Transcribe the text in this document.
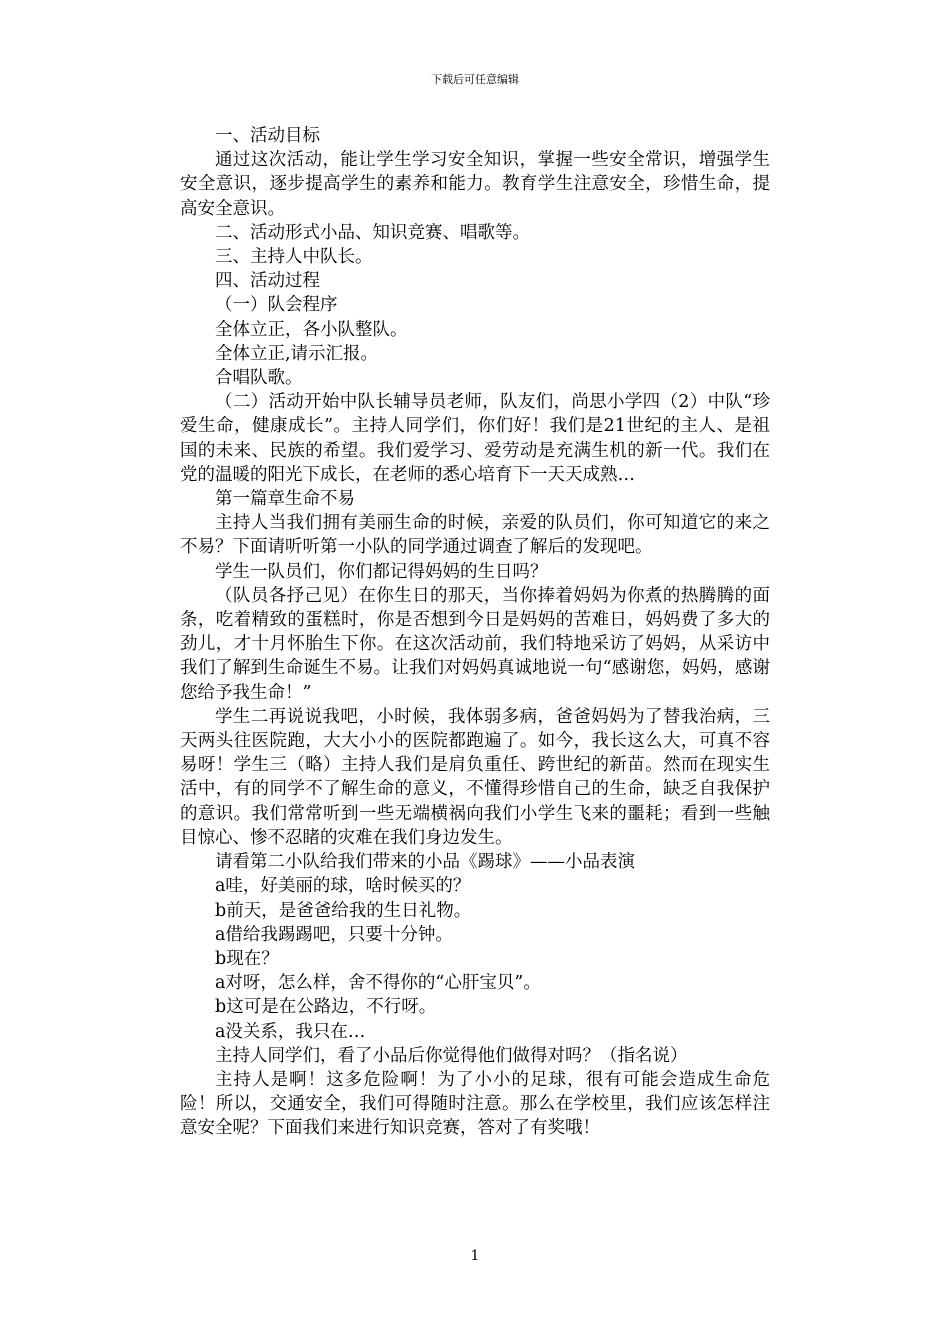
下载后可任意编辑

一、活动目标

通过这次活动，能让学生学习安全知识，掌握一些安全常识，增强学生安全意识，逐步提高学生的素养和能力。教育学生注意安全，珍惜生命，提高安全意识。

二、活动形式小品、知识竞赛、唱歌等。

三、主持人中队长。

四、活动过程

（一）队会程序

全体立正，各小队整队。

全体立正,请示汇报。

合唱队歌。

（二）活动开始中队长辅导员老师，队友们，尚思小学四（2）中队“珍爱生命，健康成长”。主持人同学们，你们好！我们是21世纪的主人、是祖国的未来、民族的希望。我们爱学习、爱劳动是充满生机的新一代。我们在党的温暖的阳光下成长，在老师的悉心培育下一天天成熟…

第一篇章生命不易

主持人当我们拥有美丽生命的时候，亲爱的队员们，你可知道它的来之不易？下面请听听第一小队的同学通过调查了解后的发现吧。

学生一队员们，你们都记得妈妈的生日吗？

（队员各抒己见）在你生日的那天，当你捧着妈妈为你煮的热腾腾的面条，吃着精致的蛋糕时，你是否想到今日是妈妈的苦难日，妈妈费了多大的劲儿，才十月怀胎生下你。在这次活动前，我们特地采访了妈妈，从采访中我们了解到生命诞生不易。让我们对妈妈真诚地说一句“感谢您，妈妈，感谢您给予我生命！”

学生二再说说我吧，小时候，我体弱多病，爸爸妈妈为了替我治病，三天两头往医院跑，大大小小的医院都跑遍了。如今，我长这么大，可真不容易呀！学生三（略）主持人我们是肩负重任、跨世纪的新苗。然而在现实生活中，有的同学不了解生命的意义，不懂得珍惜自己的生命，缺乏自我保护的意识。我们常常听到一些无端横祸向我们小学生飞来的噩耗；看到一些触目惊心、惨不忍睹的灾难在我们身边发生。

请看第二小队给我们带来的小品《踢球》——小品表演

a哇，好美丽的球，啥时候买的？

b前天，是爸爸给我的生日礼物。

a借给我踢踢吧，只要十分钟。

b现在？

a对呀，怎么样，舍不得你的“心肝宝贝”。

b这可是在公路边，不行呀。

a没关系，我只在…

主持人同学们，看了小品后你觉得他们做得对吗？（指名说）

主持人是啊！这多危险啊！为了小小的足球，很有可能会造成生命危险！所以，交通安全，我们可得随时注意。那么在学校里，我们应该怎样注意安全呢？下面我们来进行知识竞赛，答对了有奖哦！

1
